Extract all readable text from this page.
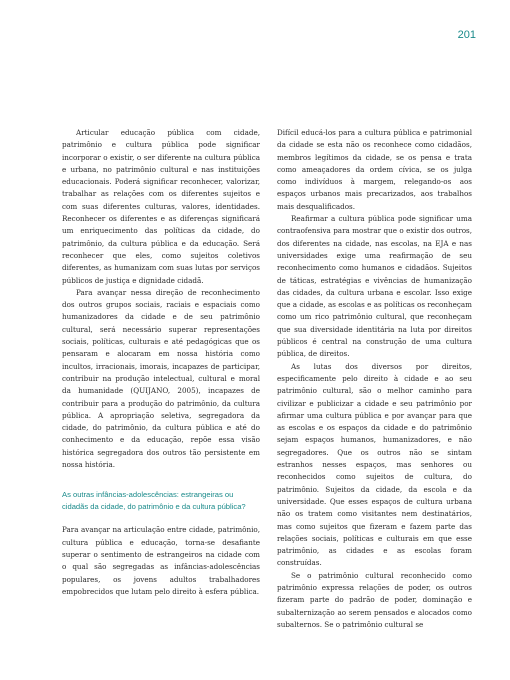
201

Articular educação pública com cidade, patrimônio e cultura pública pode significar incorporar o existir, o ser diferente na cultura pública e urbana, no patrimônio cultural e nas instituições educacionais. Poderá significar reconhecer, valorizar, trabalhar as relações com os diferentes sujeitos e com suas diferentes culturas, valores, identidades. Reconhecer os diferentes e as diferenças significará um enriquecimento das políticas da cidade, do patrimônio, da cultura pública e da educação. Será reconhecer que eles, como sujeitos coletivos diferentes, as humanizam com suas lutas por serviços públicos de justiça e dignidade cidadã.

Para avançar nessa direção de reconhecimento dos outros grupos sociais, raciais e espaciais como humanizadores da cidade e de seu patrimônio cultural, será necessário superar representações sociais, políticas, culturais e até pedagógicas que os pensaram e alocaram em nossa história como incultos, irracionais, imorais, incapazes de participar, contribuir na produção intelectual, cultural e moral da humanidade (QUIJANO, 2005), incapazes de contribuir para a produção do patrimônio, da cultura pública. A apropriação seletiva, segregadora da cidade, do patrimônio, da cultura pública e até do conhecimento e da educação, repõe essa visão histórica segregadora dos outros tão persistente em nossa história.

As outras infâncias-adolescências: estrangeiras ou cidadãs da cidade, do patrimônio e da cultura pública?

Para avançar na articulação entre cidade, patrimônio, cultura pública e educação, torna-se desafiante superar o sentimento de estrangeiros na cidade com o qual são segregadas as infâncias-adolescências populares, os jovens adultos trabalhadores empobrecidos que lutam pelo direito à esfera pública.

Difícil educá-los para a cultura pública e patrimonial da cidade se esta não os reconhece como cidadãos, membros legítimos da cidade, se os pensa e trata como ameaçadores da ordem cívica, se os julga como indivíduos à margem, relegando-os aos espaços urbanos mais precarizados, aos trabalhos mais desqualificados.

Reafirmar a cultura pública pode significar uma contraofensiva para mostrar que o existir dos outros, dos diferentes na cidade, nas escolas, na EJA e nas universidades exige uma reafirmação de seu reconhecimento como humanos e cidadãos. Sujeitos de táticas, estratégias e vivências de humanização das cidades, da cultura urbana e escolar. Isso exige que a cidade, as escolas e as políticas os reconheçam como um rico patrimônio cultural, que reconheçam que sua diversidade identitária na luta por direitos públicos é central na construção de uma cultura pública, de direitos.

As lutas dos diversos por direitos, especificamente pelo direito à cidade e ao seu patrimônio cultural, são o melhor caminho para civilizar e publicizar a cidade e seu patrimônio por afirmar uma cultura pública e por avançar para que as escolas e os espaços da cidade e do patrimônio sejam espaços humanos, humanizadores, e não segregadores. Que os outros não se sintam estranhos nesses espaços, mas senhores ou reconhecidos como sujeitos de cultura, do patrimônio. Sujeitos da cidade, da escola e da universidade. Que esses espaços de cultura urbana não os tratem como visitantes nem destinatários, mas como sujeitos que fizeram e fazem parte das relações sociais, políticas e culturais em que esse patrimônio, as cidades e as escolas foram construídas.

Se o patrimônio cultural reconhecido como patrimônio expressa relações de poder, os outros fizeram parte do padrão de poder, dominação e subalternização ao serem pensados e alocados como subalternos. Se o patrimônio cultural se
